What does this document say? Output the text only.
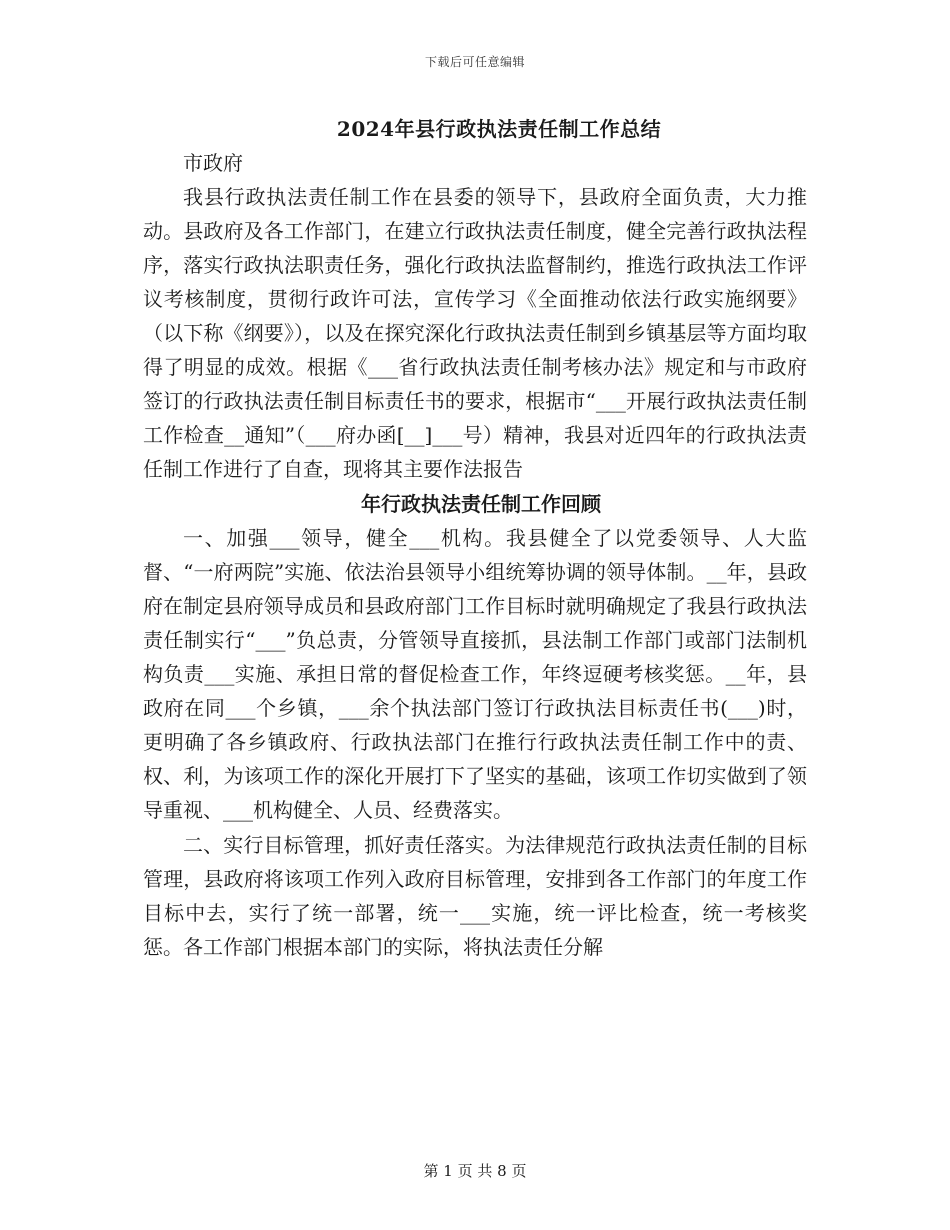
下载后可任意编辑
2024年县行政执法责任制工作总结

市政府

我县行政执法责任制工作在县委的领导下，县政府全面负责，大力推动。县政府及各工作部门，在建立行政执法责任制度，健全完善行政执法程序，落实行政执法职责任务，强化行政执法监督制约，推选行政执法工作评议考核制度，贯彻行政许可法，宣传学习《全面推动依法行政实施纲要》（以下称《纲要》），以及在探究深化行政执法责任制到乡镇基层等方面均取得了明显的成效。根据《___省行政执法责任制考核办法》规定和与市政府签订的行政执法责任制目标责任书的要求，根据市“___开展行政执法责任制工作检查__通知”（___府办函[__]___号）精神，我县对近四年的行政执法责任制工作进行了自查，现将其主要作法报告

年行政执法责任制工作回顾

一、加强___领导，健全___机构。我县健全了以党委领导、人大监督、“一府两院”实施、依法治县领导小组统筹协调的领导体制。__年，县政府在制定县府领导成员和县政府部门工作目标时就明确规定了我县行政执法责任制实行“___”负总责，分管领导直接抓，县法制工作部门或部门法制机构负责___实施、承担日常的督促检查工作，年终逗硬考核奖惩。__年，县政府在同___个乡镇，___余个执法部门签订行政执法目标责任书(___)时，更明确了各乡镇政府、行政执法部门在推行行政执法责任制工作中的责、权、利，为该项工作的深化开展打下了坚实的基础，该项工作切实做到了领导重视、___机构健全、人员、经费落实。

二、实行目标管理，抓好责任落实。为法律规范行政执法责任制的目标管理，县政府将该项工作列入政府目标管理，安排到各工作部门的年度工作目标中去，实行了统一部署，统一___实施，统一评比检查，统一考核奖惩。各工作部门根据本部门的实际，将执法责任分解

第 1 页 共 8 页
